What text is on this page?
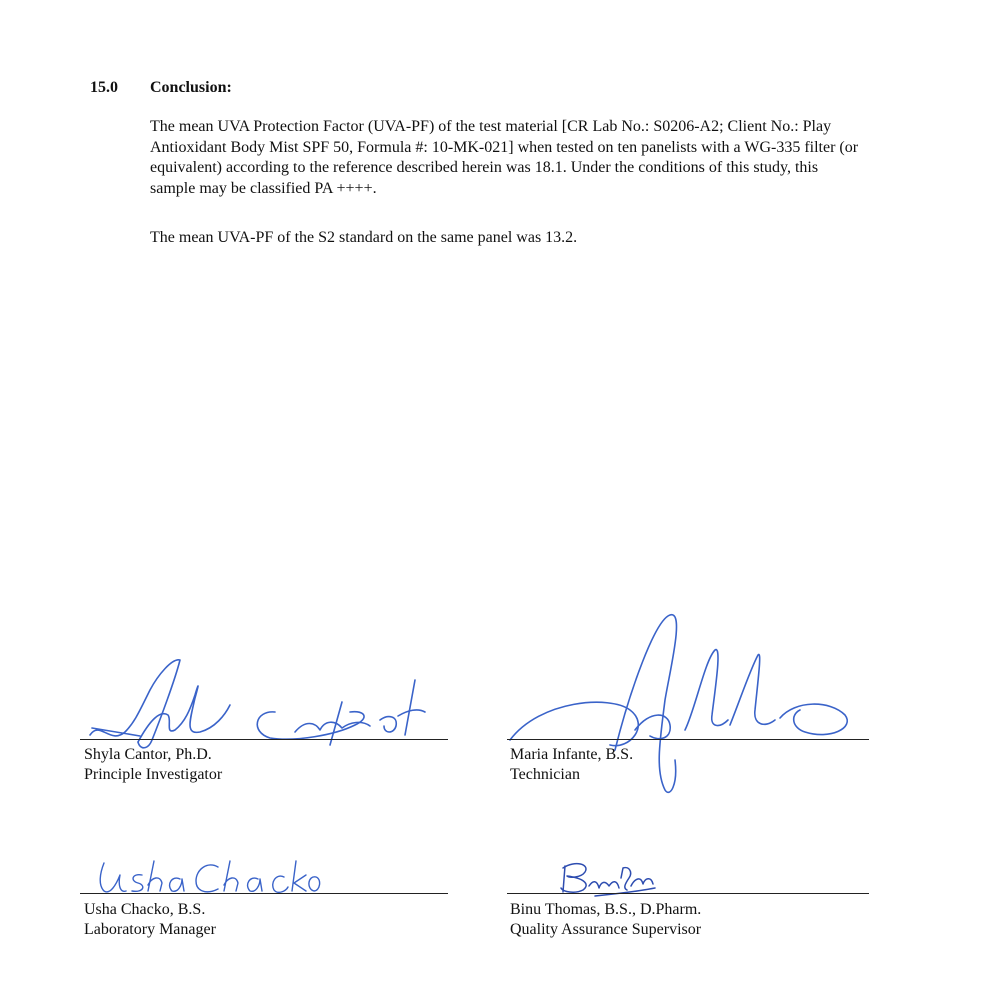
15.0 Conclusion:

The mean UVA Protection Factor (UVA-PF) of the test material [CR Lab No.: S0206-A2; Client No.: Play Antioxidant Body Mist SPF 50, Formula #: 10-MK-021] when tested on ten panelists with a WG-335 filter (or equivalent) according to the reference described herein was 18.1. Under the conditions of this study, this sample may be classified PA ++++.

The mean UVA-PF of the S2 standard on the same panel was 13.2.

Shyla Cantor, Ph.D.
Principle Investigator
Maria Infante, B.S.
Technician
Usha Chacko, B.S.
Laboratory Manager
Binu Thomas, B.S., D.Pharm.
Quality Assurance Supervisor
